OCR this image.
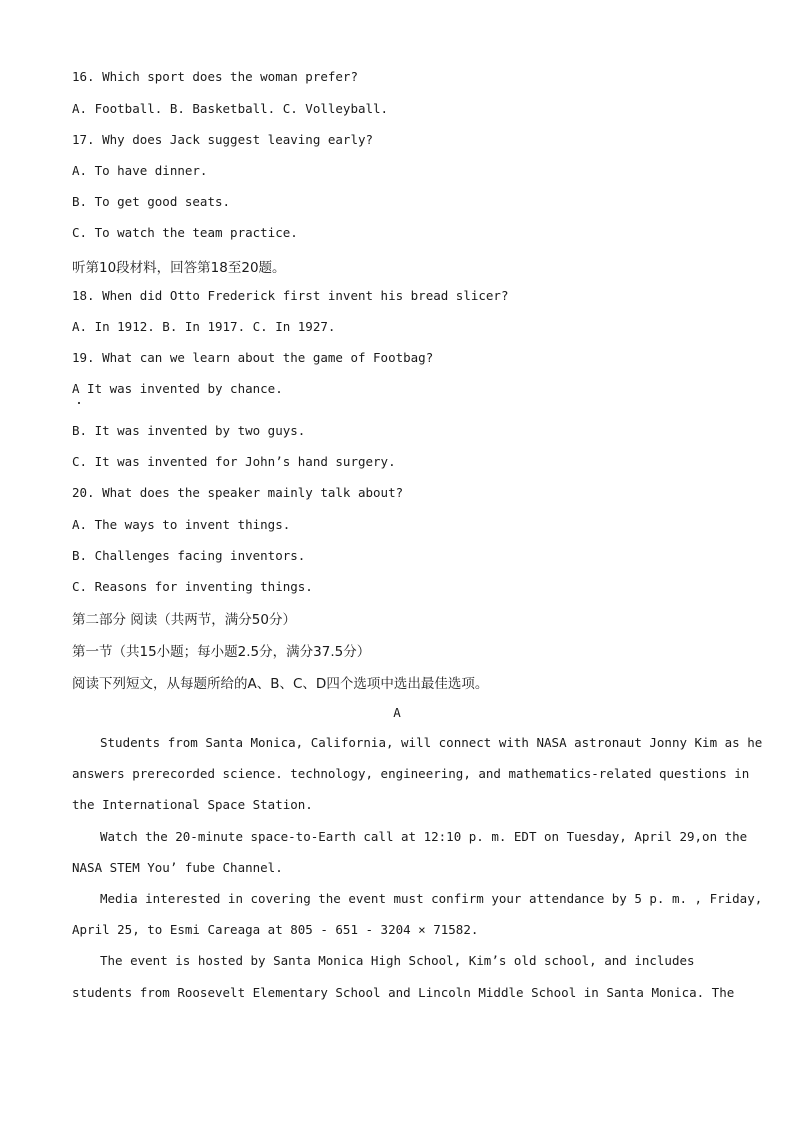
16. Which sport does the woman prefer?
A. Football. B. Basketball. C. Volleyball.
17. Why does Jack suggest leaving early?
A. To have dinner.
B. To get good seats.
C. To watch the team practice.
听第10段材料，回答第18至20题。
18. When did Otto Frederick first invent his bread slicer?
A. In 1912. B. In 1917. C. In 1927.
19. What can we learn about the game of Footbag?
A It was invented by chance.
B. It was invented by two guys.
C. It was invented for John’s hand surgery.
20. What does the speaker mainly talk about?
A. The ways to invent things.
B. Challenges facing inventors.
C. Reasons for inventing things.
第二部分 阅读（共两节，满分50分）
第一节（共15小题；每小题2.5分，满分37.5分）
阅读下列短文，从每题所给的A、B、C、D四个选项中选出最佳选项。
A
Students from Santa Monica, California, will connect with NASA astronaut Jonny Kim as he
answers prerecorded science. technology, engineering, and mathematics-related questions in
the International Space Station.
Watch the 20-minute space-to-Earth call at 12:10 p. m. EDT on Tuesday, April 29,on the
NASA STEM You’ fube Channel.
Media interested in covering the event must confirm your attendance by 5 p. m. , Friday,
April 25, to Esmi Careaga at 805 - 651 - 3204 × 71582.
The event is hosted by Santa Monica High School, Kim’s old school, and includes
students from Roosevelt Elementary School and Lincoln Middle School in Santa Monica. The
